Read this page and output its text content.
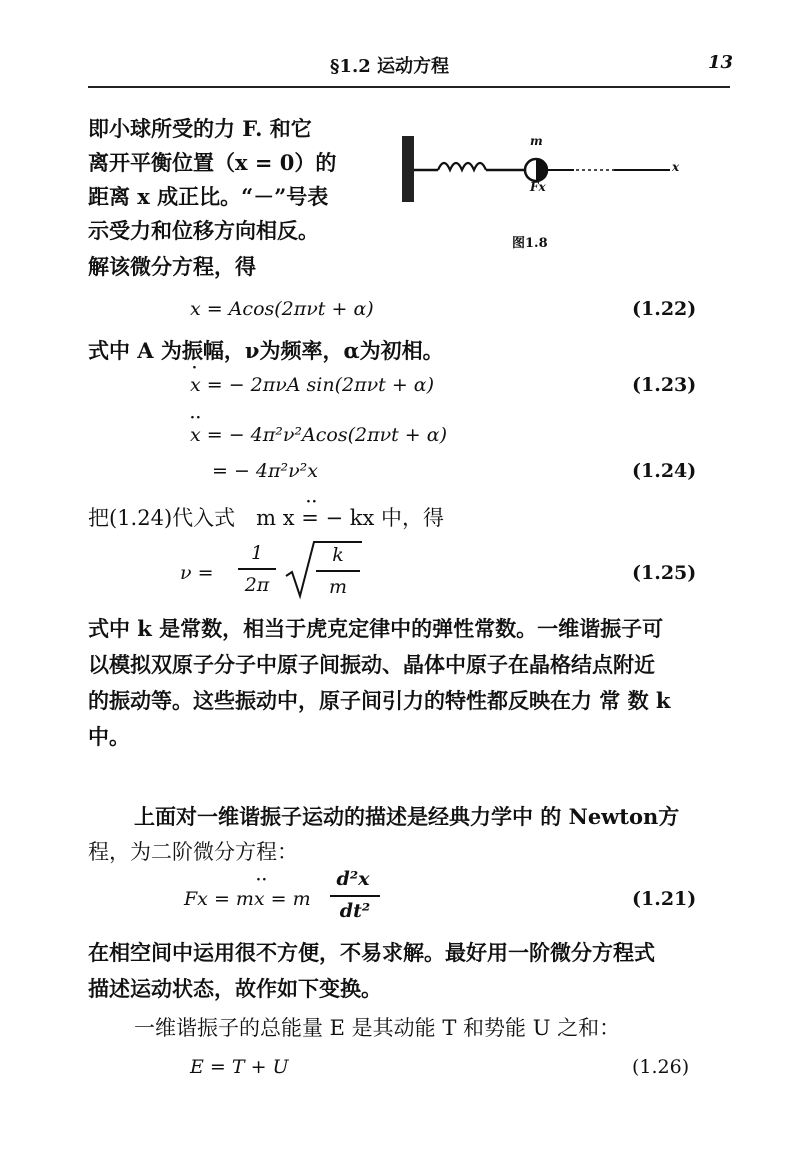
§1.2 运动方程	13
即小球所受的力 F. 和它
离开平衡位置（x = 0）的
距离 x 成正比。“－”号表
示受力和位移方向相反。
解该微分方程，得
m
Fx
x
图1.8
x = Acos(2πνt + α)	(1.22)
式中 A 为振幅，ν为频率，α为初相。
·
x = − 2πνA sin(2πνt + α)	(1.23)
··
x = − 4π²ν²Acos(2πνt + α)
= − 4π²ν²x	(1.24)
··
把(1.24)代入式　m x = − kx 中，得
ν =
1
2π
k
m
(1.25)
式中 k 是常数，相当于虎克定律中的弹性常数。一维谐振子可
以模拟双原子分子中原子间振动、晶体中原子在晶格结点附近
的振动等。这些振动中，原子间引力的特性都反映在力 常 数 k
中。
上面对一维谐振子运动的描述是经典力学中 的 Newton方
程，为二阶微分方程：
··
Fx = mx = m
d²x
dt²
(1.21)
在相空间中运用很不方便，不易求解。最好用一阶微分方程式
描述运动状态，故作如下变换。
一维谐振子的总能量 E 是其动能 T 和势能 U 之和：
E = T + U	(1.26)
